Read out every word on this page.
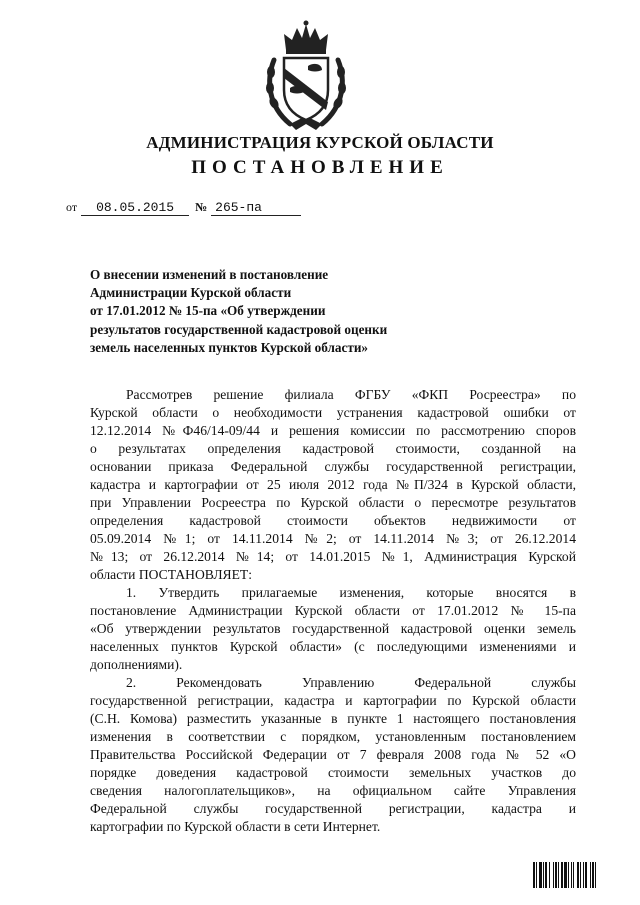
АДМИНИСТРАЦИЯ КУРСКОЙ ОБЛАСТИ
ПОСТАНОВЛЕНИЕ
от 08.05.2015 № 265-па
О внесении изменений в постановление
Администрации Курской области
от 17.01.2012 № 15-па «Об утверждении
результатов государственной кадастровой оценки
земель населенных пунктов Курской области»
Рассмотрев решение филиала ФГБУ «ФКП Росреестра» по
Курской области о необходимости устранения кадастровой ошибки от
12.12.2014 №Ф46/14-09/44 и решения комиссии по рассмотрению споров
о результатах определения кадастровой стоимости, созданной на
основании приказа Федеральной службы государственной регистрации,
кадастра и картографии от 25 июля 2012 года №П/324 в Курской области,
при Управлении Росреестра по Курской области о пересмотре результатов
определения кадастровой стоимости объектов недвижимости от
05.09.2014 №1; от 14.11.2014 №2; от 14.11.2014 №3; от 26.12.2014
№13; от 26.12.2014 №14; от 14.01.2015 №1, Администрация Курской
области ПОСТАНОВЛЯЕТ:
1. Утвердить прилагаемые изменения, которые вносятся в
постановление Администрации Курской области от 17.01.2012 № 15-па
«Об утверждении результатов государственной кадастровой оценки земель
населенных пунктов Курской области» (с последующими изменениями и
дополнениями).
2. Рекомендовать Управлению Федеральной службы
государственной регистрации, кадастра и картографии по Курской области
(С.Н. Комова) разместить указанные в пункте 1 настоящего постановления
изменения в соответствии с порядком, установленным постановлением
Правительства Российской Федерации от 7 февраля 2008 года № 52 «О
порядке доведения кадастровой стоимости земельных участков до
сведения налогоплательщиков», на официальном сайте Управления
Федеральной службы государственной регистрации, кадастра и
картографии по Курской области в сети Интернет.
